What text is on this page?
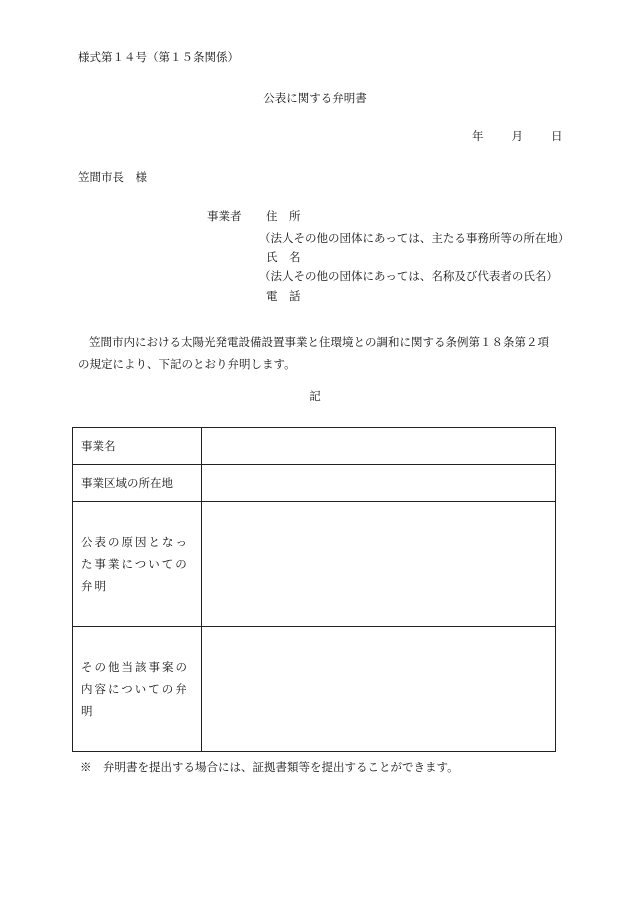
様式第１４号（第１５条関係）
公表に関する弁明書
年 月 日
笠間市長　様
事業者 住　所
（法人その他の団体にあっては、主たる事務所等の所在地）
氏　名
（法人その他の団体にあっては、名称及び代表者の氏名）
電　話
笠間市内における太陽光発電設備設置事業と住環境との調和に関する条例第１８条第２項の規定により、下記のとおり弁明します。
記
事業名	
事業区域の所在地	
公表の原因となった事業についての弁明	
その他当該事案の内容についての弁明	
※　弁明書を提出する場合には、証拠書類等を提出することができます。
